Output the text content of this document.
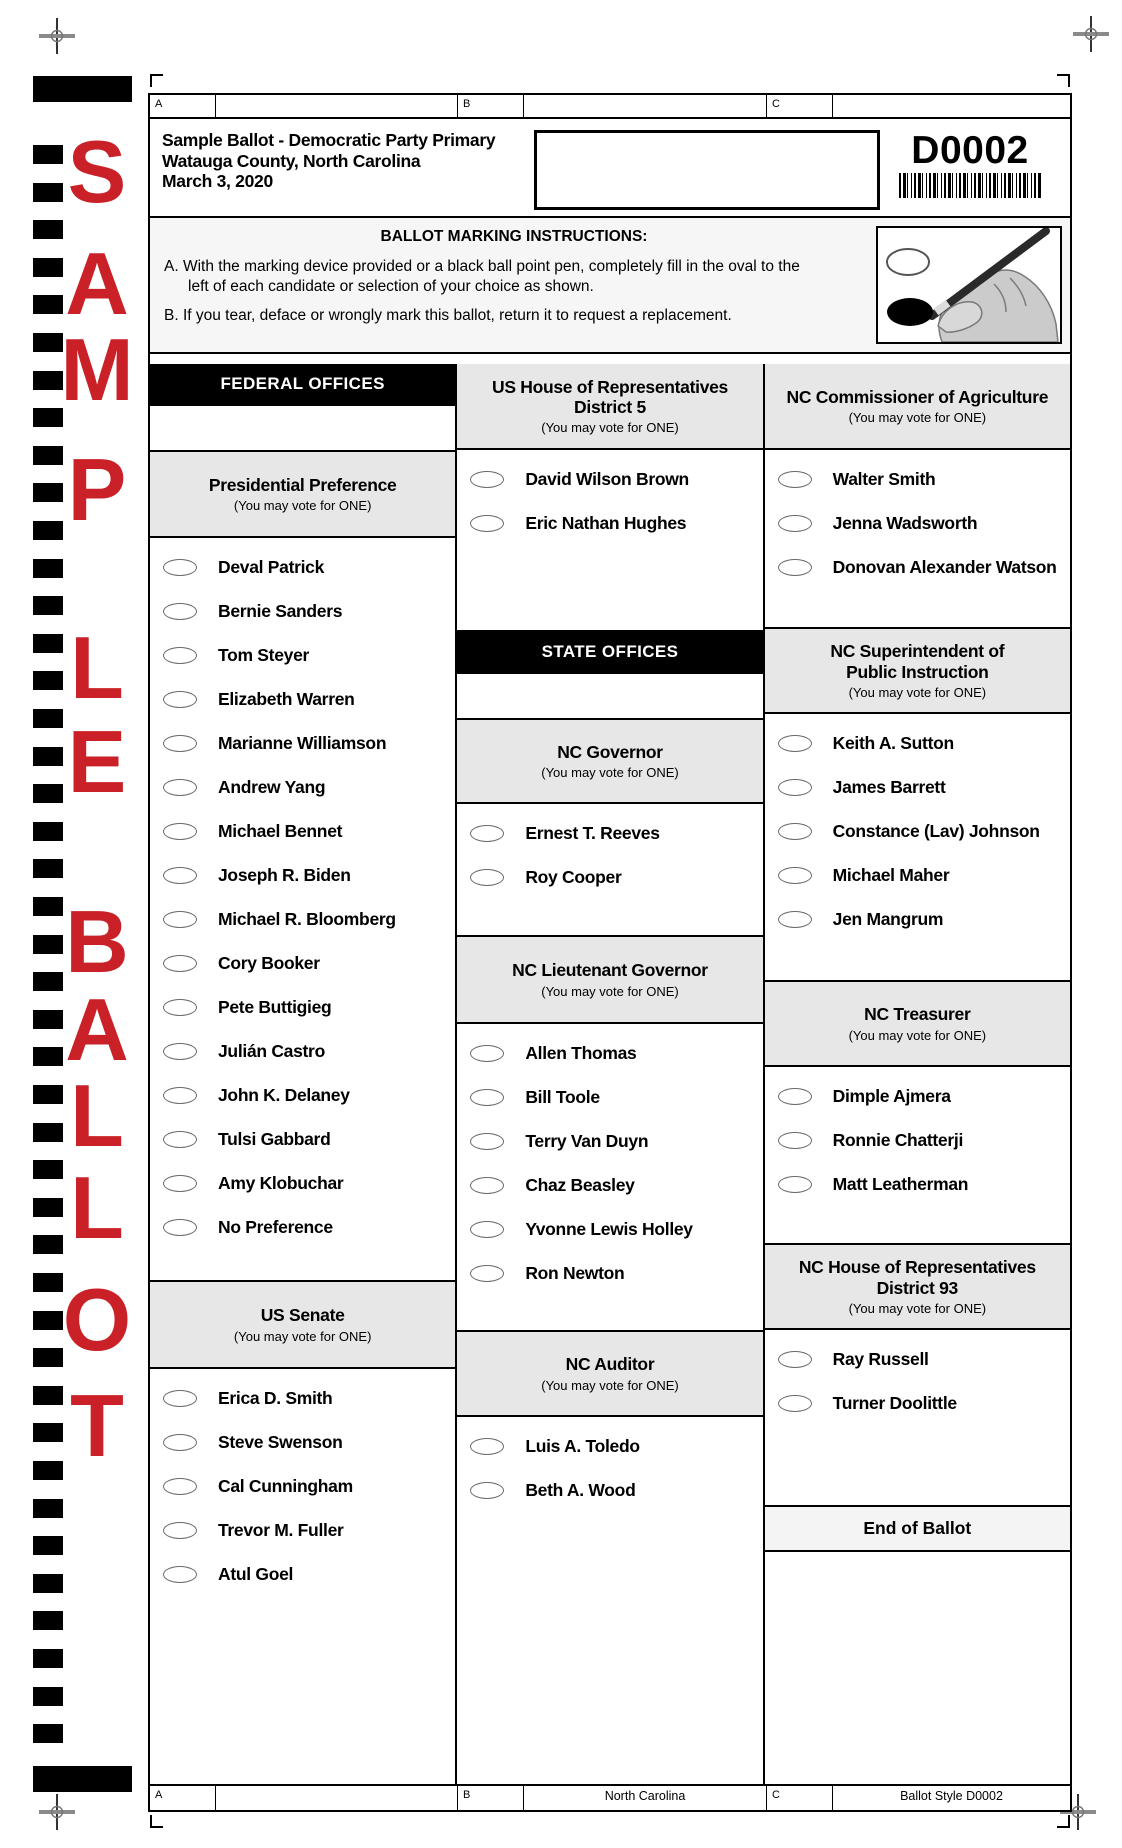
S
A
M
P
L
E
B
A
L
L
O
T
A	B	C
Sample Ballot - Democratic Party Primary
Watauga County, North Carolina
March 3, 2020
D0002
BALLOT MARKING INSTRUCTIONS:
A. With the marking device provided or a black ball point pen, completely fill in the oval to the left of each candidate or selection of your choice as shown.
B. If you tear, deface or wrongly mark this ballot, return it to request a replacement.
FEDERAL OFFICES
Presidential Preference
(You may vote for ONE)
Deval Patrick
Bernie Sanders
Tom Steyer
Elizabeth Warren
Marianne Williamson
Andrew Yang
Michael Bennet
Joseph R. Biden
Michael R. Bloomberg
Cory Booker
Pete Buttigieg
Julián Castro
John K. Delaney
Tulsi Gabbard
Amy Klobuchar
No Preference
US Senate
(You may vote for ONE)
Erica D. Smith
Steve Swenson
Cal Cunningham
Trevor M. Fuller
Atul Goel
US House of Representatives
District 5
(You may vote for ONE)
David Wilson Brown
Eric Nathan Hughes
STATE OFFICES
NC Governor
(You may vote for ONE)
Ernest T. Reeves
Roy Cooper
NC Lieutenant Governor
(You may vote for ONE)
Allen Thomas
Bill Toole
Terry Van Duyn
Chaz Beasley
Yvonne Lewis Holley
Ron Newton
NC Auditor
(You may vote for ONE)
Luis A. Toledo
Beth A. Wood
NC Commissioner of Agriculture
(You may vote for ONE)
Walter Smith
Jenna Wadsworth
Donovan Alexander Watson
NC Superintendent of
Public Instruction
(You may vote for ONE)
Keith A. Sutton
James Barrett
Constance (Lav) Johnson
Michael Maher
Jen Mangrum
NC Treasurer
(You may vote for ONE)
Dimple Ajmera
Ronnie Chatterji
Matt Leatherman
NC House of Representatives
District 93
(You may vote for ONE)
Ray Russell
Turner Doolittle
End of Ballot
A	B	North Carolina	C	Ballot Style D0002
